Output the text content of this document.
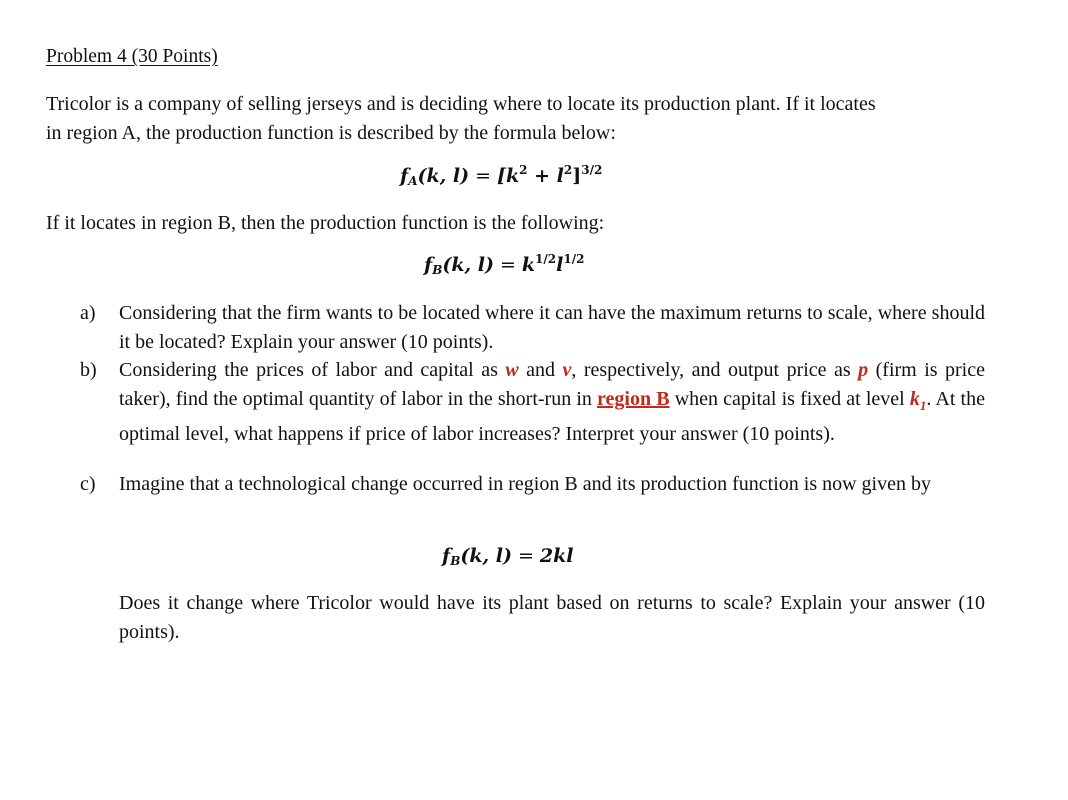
Problem 4 (30 Points)
Tricolor is a company of selling jerseys and is deciding where to locate its production plant. If it locates
in region A, the production function is described by the formula below:
$f_A(k$, $l) = [k^2 + l^2]^{3/2}$
If it locates in region B, then the production function is the following:
$f_B(k$, $l) = k^{1/2}l^{1/2}$
a) Considering that the firm wants to be located where it can have the maximum returns to scale, where should it be located? Explain your answer (10 points).
b) Considering the prices of labor and capital as w and v, respectively, and output price as p (firm is price taker), find the optimal quantity of labor in the short-run in region B when capital is fixed at level $k_1$. At the optimal level, what happens if price of labor increases? Interpret your answer (10 points).
c) Imagine that a technological change occurred in region B and its production function is now given by
$f_B(k$, l) = 2kl
Does it change where Tricolor would have its plant based on returns to scale? Explain your answer (10 points).
